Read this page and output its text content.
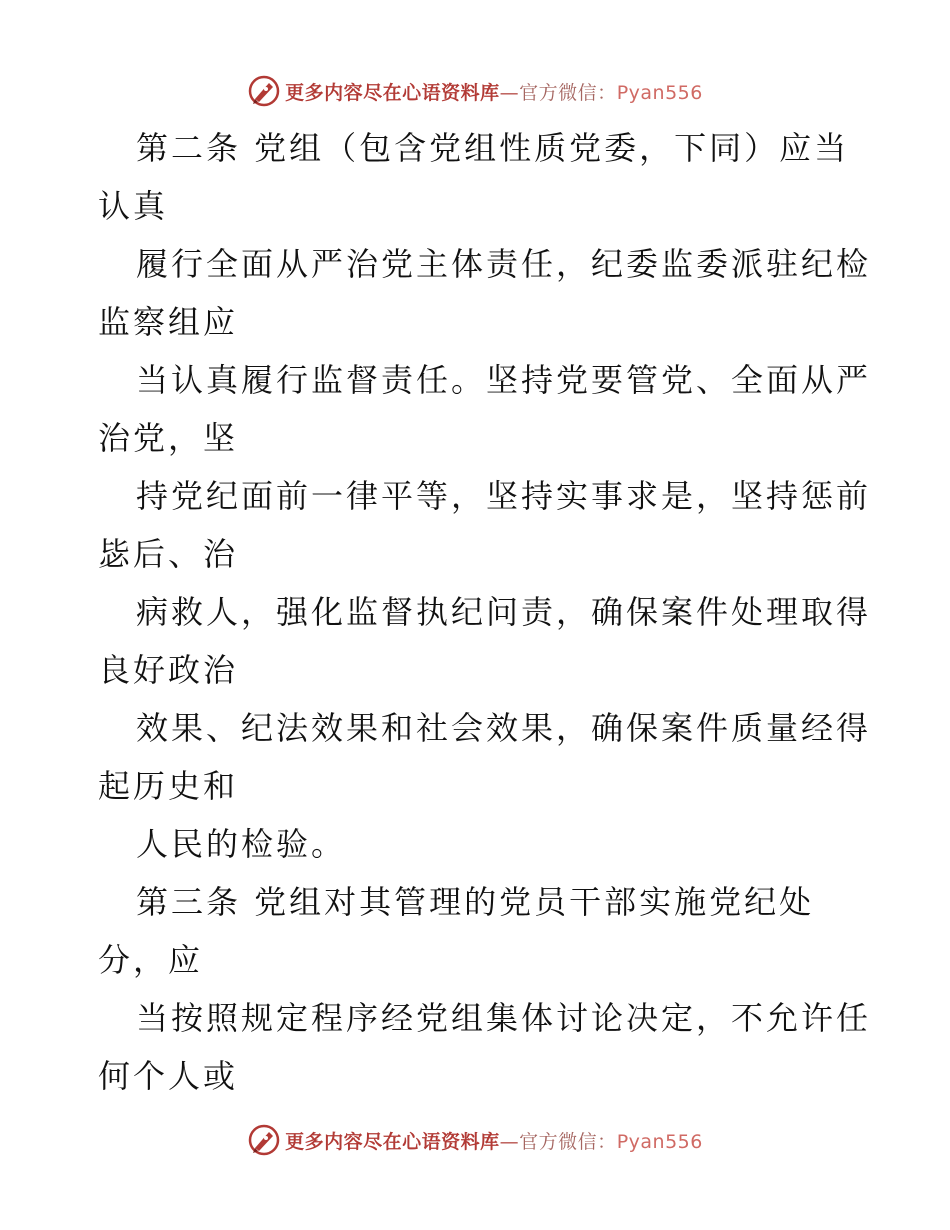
更多内容尽在心语资料库—官方微信：Pyan556
第二条 党组（包含党组性质党委，下同）应当
认真
履行全面从严治党主体责任，纪委监委派驻纪检
监察组应
当认真履行监督责任。坚持党要管党、全面从严
治党，坚
持党纪面前一律平等，坚持实事求是，坚持惩前
毖后、治
病救人，强化监督执纪问责，确保案件处理取得
良好政治
效果、纪法效果和社会效果，确保案件质量经得
起历史和
人民的检验。
第三条 党组对其管理的党员干部实施党纪处
分，应
当按照规定程序经党组集体讨论决定，不允许任
何个人或
更多内容尽在心语资料库—官方微信：Pyan556
